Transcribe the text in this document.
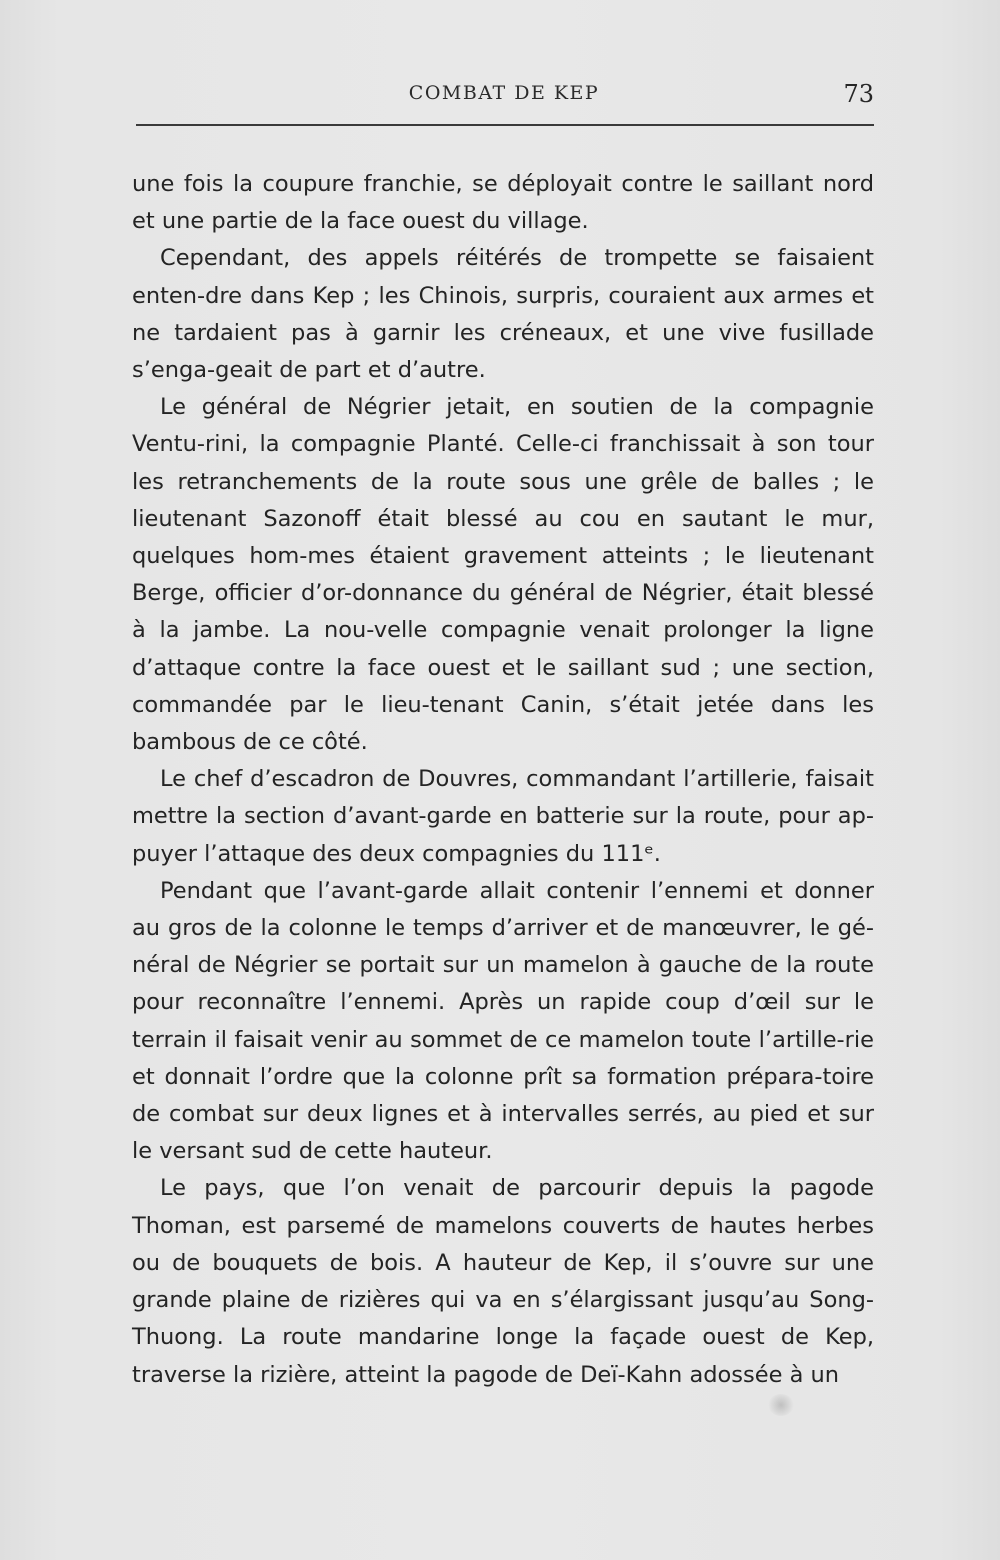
COMBAT DE KEP	73

une fois la coupure franchie, se déployait contre le saillant nord et une partie de la face ouest du village.

Cependant, des appels réitérés de trompette se faisaient enten-dre dans Kep ; les Chinois, surpris, couraient aux armes et ne tardaient pas à garnir les créneaux, et une vive fusillade s’enga-geait de part et d’autre.

Le général de Négrier jetait, en soutien de la compagnie Ventu-rini, la compagnie Planté. Celle-ci franchissait à son tour les retranchements de la route sous une grêle de balles ; le lieutenant Sazonoff était blessé au cou en sautant le mur, quelques hom-mes étaient gravement atteints ; le lieutenant Berge, officier d’or-donnance du général de Négrier, était blessé à la jambe. La nou-velle compagnie venait prolonger la ligne d’attaque contre la face ouest et le saillant sud ; une section, commandée par le lieu-tenant Canin, s’était jetée dans les bambous de ce côté.

Le chef d’escadron de Douvres, commandant l’artillerie, faisait mettre la section d’avant-garde en batterie sur la route, pour ap-puyer l’attaque des deux compagnies du 111ᵉ.

Pendant que l’avant-garde allait contenir l’ennemi et donner au gros de la colonne le temps d’arriver et de manœuvrer, le gé-néral de Négrier se portait sur un mamelon à gauche de la route pour reconnaître l’ennemi. Après un rapide coup d’œil sur le terrain il faisait venir au sommet de ce mamelon toute l’artille-rie et donnait l’ordre que la colonne prît sa formation prépara-toire de combat sur deux lignes et à intervalles serrés, au pied et sur le versant sud de cette hauteur.

Le pays, que l’on venait de parcourir depuis la pagode Thoman, est parsemé de mamelons couverts de hautes herbes ou de bouquets de bois. A hauteur de Kep, il s’ouvre sur une grande plaine de rizières qui va en s’élargissant jusqu’au Song-Thuong. La route mandarine longe la façade ouest de Kep, traverse la rizière, atteint la pagode de Deï-Kahn adossée à un
